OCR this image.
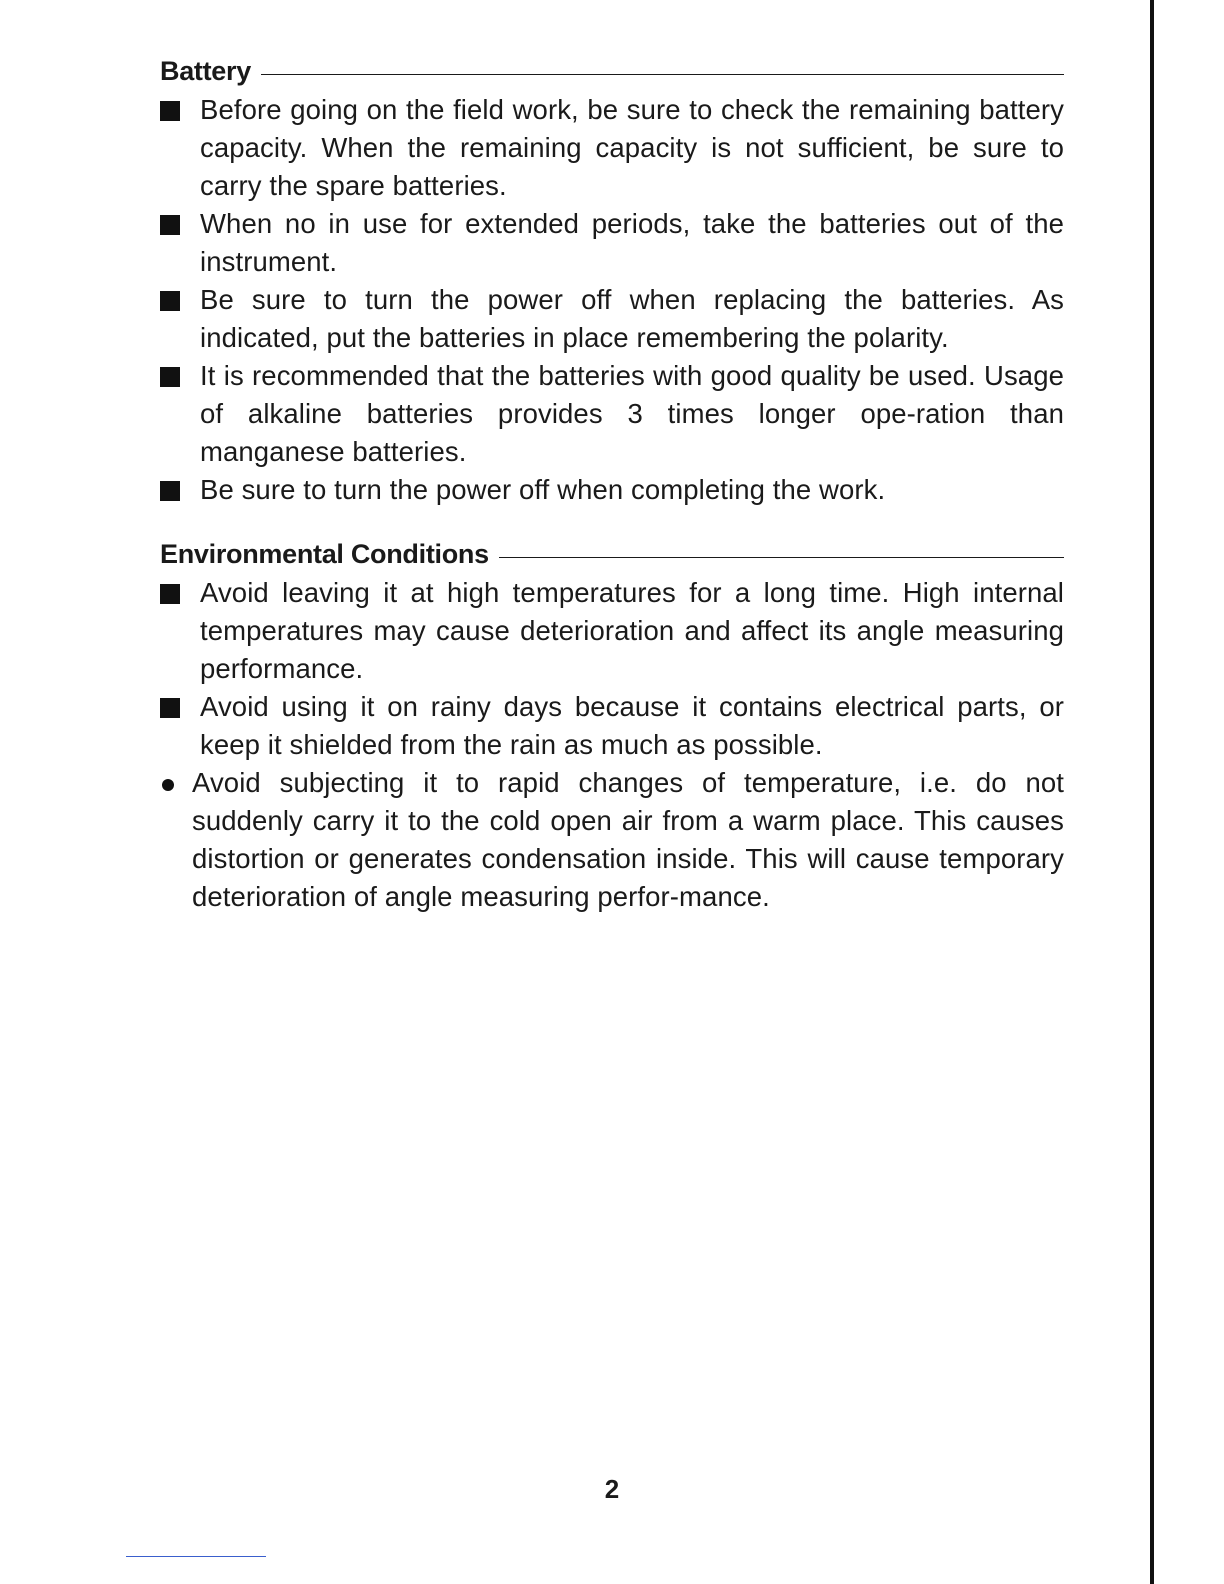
Battery
Before going on the field work, be sure to check the remaining battery capacity. When the remaining capacity is not sufficient, be sure to carry the spare batteries.
When no in use for extended periods, take the batteries out of the instrument.
Be sure to turn the power off when replacing the batteries. As indicated, put the batteries in place remembering the polarity.
It is recommended that the batteries with good quality be used. Usage of alkaline batteries provides 3 times longer ope-ration than manganese batteries.
Be sure to turn the power off when completing the work.
Environmental Conditions
Avoid leaving it at high temperatures for a long time. High internal temperatures may cause deterioration and affect its angle measuring performance.
Avoid using it on rainy days because it contains electrical parts, or keep it shielded from the rain as much as possible.
Avoid subjecting it to rapid changes of temperature, i.e. do not suddenly carry it to the cold open air from a warm place. This causes distortion or generates condensation inside. This will cause temporary deterioration of angle measuring perfor-mance.
2
